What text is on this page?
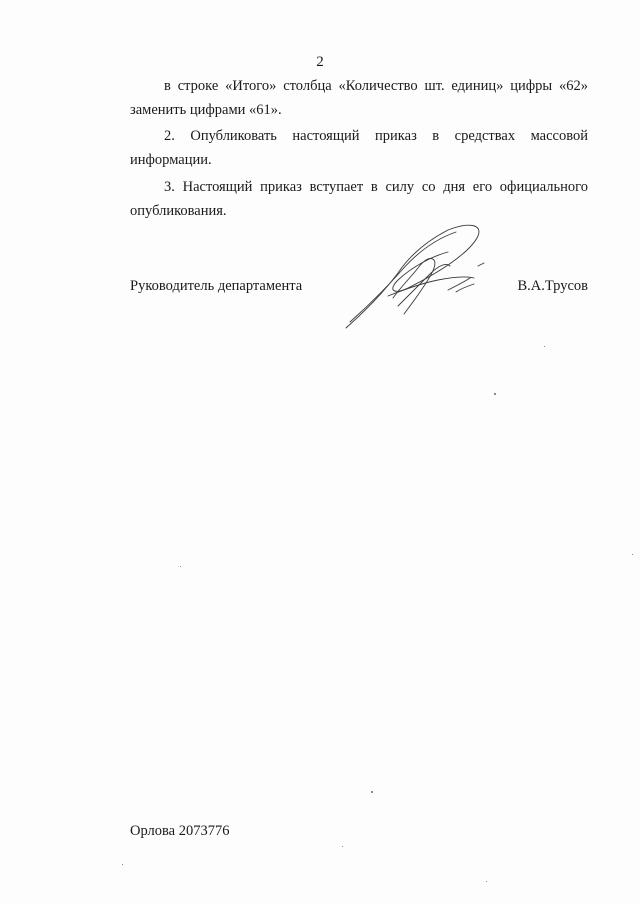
2
в строке «Итого» столбца «Количество шт. единиц» цифры «62»
заменить цифрами «61».
2. Опубликовать настоящий приказ в средствах массовой
информации.
3. Настоящий приказ вступает в силу со дня его официального
опубликования.
Руководитель департамента	В.А.Трусов
Орлова 2073776
